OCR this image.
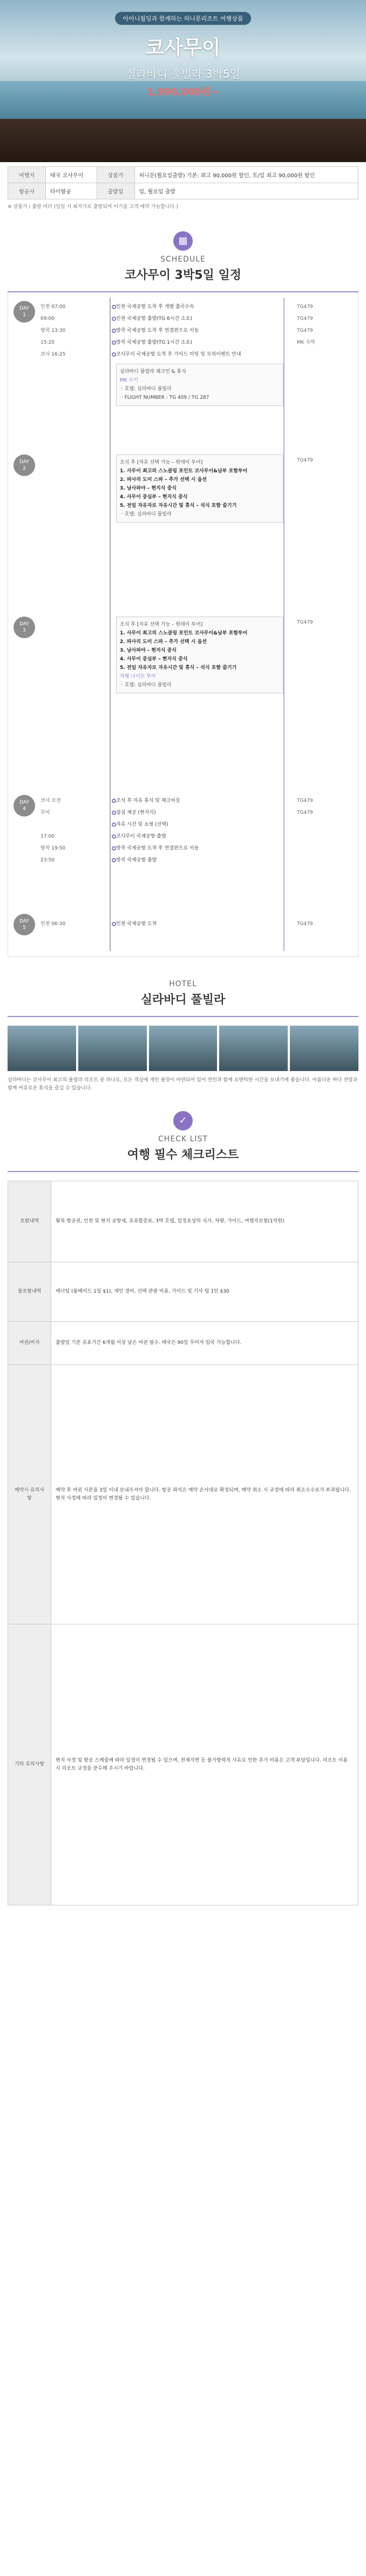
아이니월딩과 함께하는 허니문리조트 여행상품
코사무이
실라바디 풀빌라 3박5일
1,990,000원~
여행지	태국 코사무이	상품가	허니문(월요일출발) 기본: 최고 90,000원 할인, 토/일 최고 90,000원 할인
항공사	타이항공	출발일	일, 월요일 출발
※ 상품가 / 출발 여러 (일일 시 최저가로 출발되며 이기를 고객 예약 가능합니다.)
▦
SCHEDULE
코사무이 3박5일 일정
DAY
1
인천 07:00	인천 국제공항 도착 후 개별 출국수속	TG479
09:00	인천 국제공항 출발(TG 6시간 소요)	TG479
방콕 13:30	방콕 국제공항 도착 후 연결편으로 이동	TG479
15:20	방콕 국제공항 출발(TG 1시간 소요)	MK 숙박
코사 16:25	코사무이 국제공항 도착 후 가이드 미팅 및 모의이벤트 안내
실라바디 풀빌라 체크인 & 휴식
MK 수키
ㆍ호텔: 실라바디 풀빌라
ㆍFLIGHT NUMBER : TG 409 / TG 287
DAY
2
조식 후 [자유 선택 가능 – 원데이 투어]
1. 사무이 최고의 스노클링 포인트 코사무이&남부 포함투어
2. 파사리 도미 스파 – 추가 선택 시 옵션
3. 낭사파야 – 현지식 중식
4. 사무이 중심부 – 현지식 중식
5. 전일 자유자로 자유시간 및 휴식 – 석식 포함 즐기기
ㆍ호텔: 실라바디 풀빌라
TG479
DAY
3
조식 후 [자유 선택 가능 – 원데이 투어]
1. 사무이 최고의 스노클링 포인트 코사무이&남부 포함투어
2. 파사리 도미 스파 – 추가 선택 시 옵션
3. 낭사파야 – 현지식 중식
4. 사무이 중심부 – 현지식 중식
5. 전일 자유자로 자유시간 및 휴식 – 석식 포함 즐기기
차웽 나이트 투어
ㆍ호텔: 실라바디 풀빌라
TG479
DAY
4
코사 오전	조식 후 자유 휴식 및 체크아웃	TG479
무이	점심 제공 (현지식)	TG479
자유 시간 및 쇼핑 (선택)
17:00	코사무이 국제공항 출발
방콕 19:50	방콕 국제공항 도착 후 연결편으로 이동
23:50	방콕 국제공항 출발
DAY
5
인천 06:30	인천 국제공항 도착	TG479
HOTEL
실라바디 풀빌라
실라바디는 코사무이 최고의 풀빌라 리조트 중 하나로, 모든 객실에 개인 풀장이 마련되어 있어 연인과 함께 로맨틱한 시간을 보내기에 좋습니다. 아름다운 바다 전망과 함께 여유로운 휴식을 즐길 수 있습니다.
✓
CHECK LIST
여행 필수 체크리스트
포함내역	왕복 항공권, 인천 및 현지 공항세, 유류할증료, 3박 호텔, 일정표상의 식사, 차량, 가이드, 여행자보험(1억원)
불포함내역	매너팁 (룸메이드 1일 $1), 개인 경비, 선택 관광 비용, 가이드 및 기사 팁 1인 $30
여권/비자	출발일 기준 유효기간 6개월 이상 남은 여권 필수. 태국은 90일 무비자 입국 가능합니다.
예약시 유의사항	예약 후 여권 사본을 3일 이내 보내주셔야 합니다. 항공 좌석은 예약 순서대로 확정되며, 예약 취소 시 규정에 따라 취소수수료가 부과됩니다. 현지 사정에 따라 일정이 변경될 수 있습니다.
기타 유의사항	현지 사정 및 항공 스케줄에 따라 일정이 변경될 수 있으며, 천재지변 등 불가항력적 사유로 인한 추가 비용은 고객 부담입니다. 리조트 이용 시 리조트 규정을 준수해 주시기 바랍니다.
